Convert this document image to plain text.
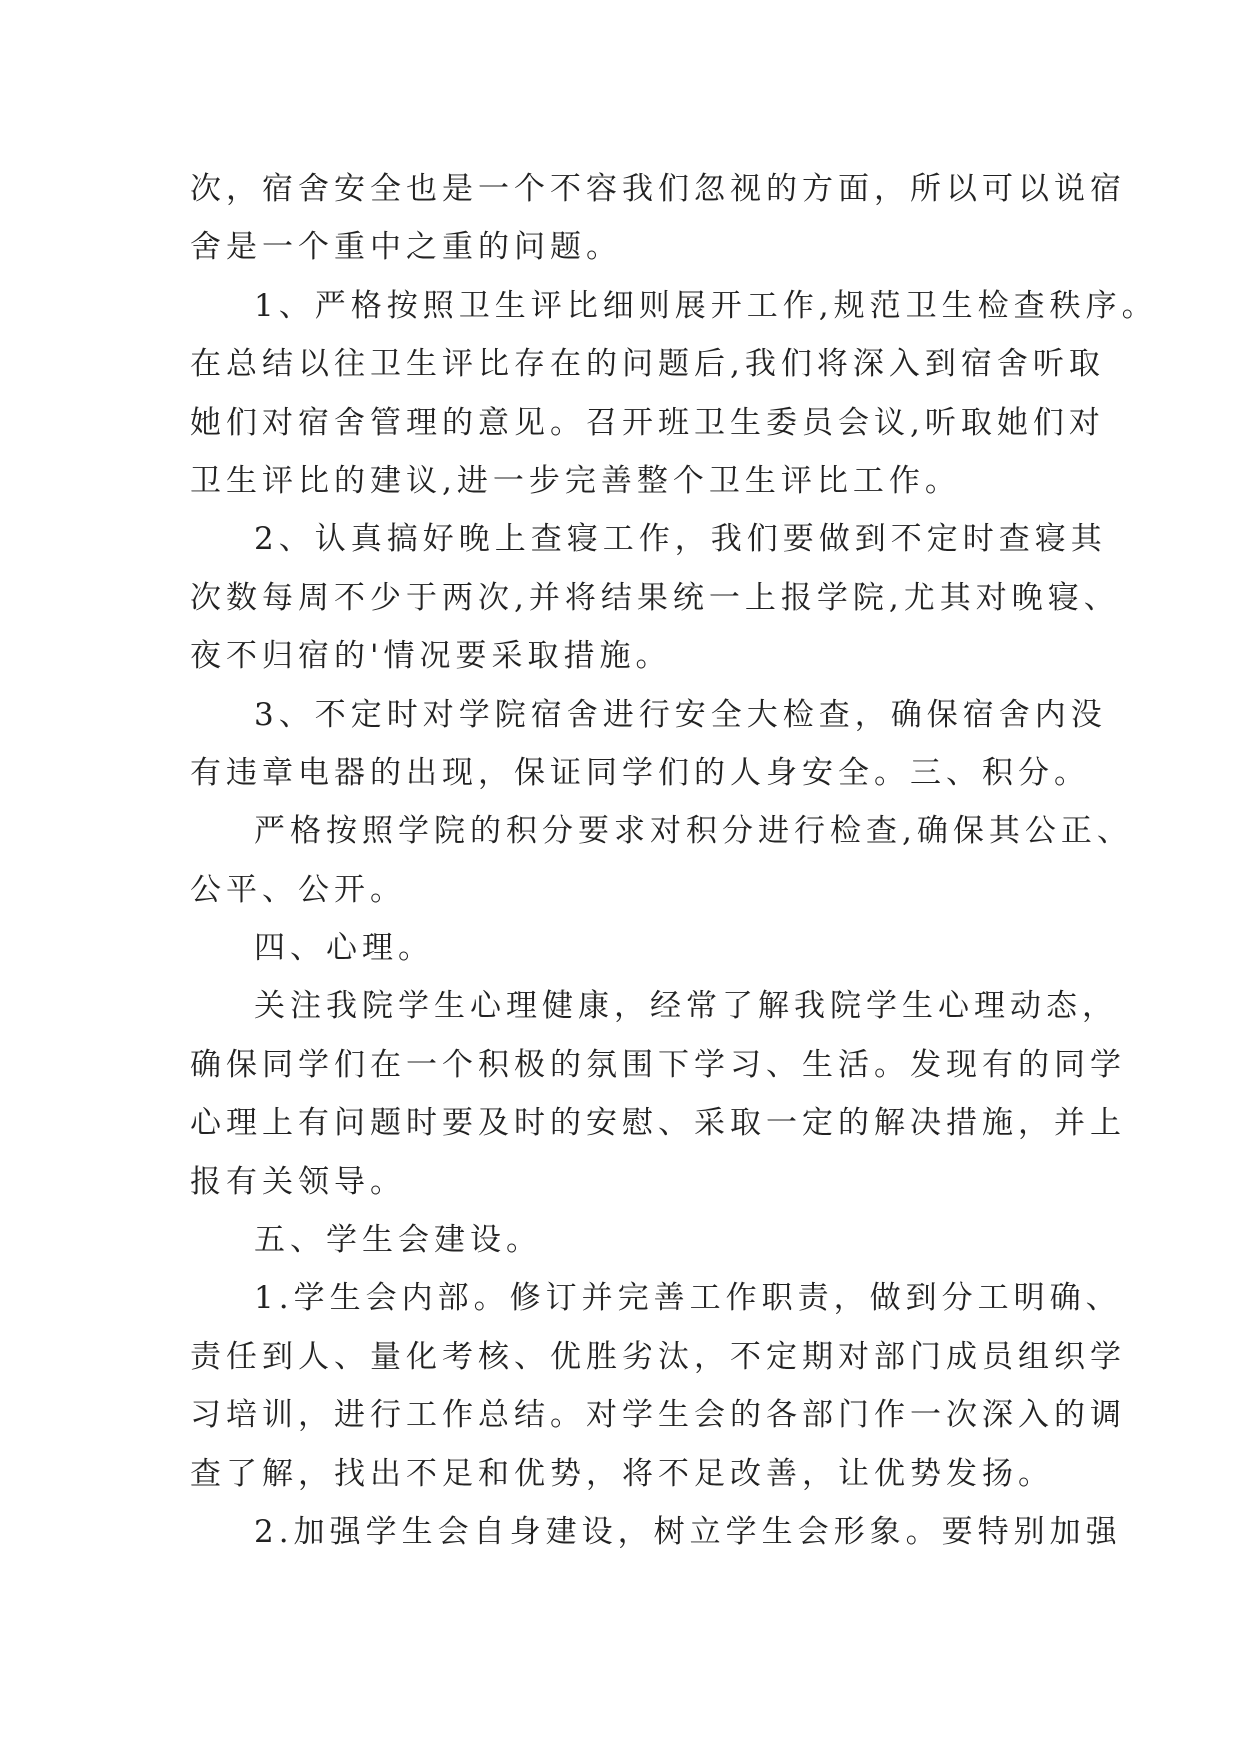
次，宿舍安全也是一个不容我们忽视的方面，所以可以说宿
舍是一个重中之重的问题。
1、严格按照卫生评比细则展开工作,规范卫生检查秩序。
在总结以往卫生评比存在的问题后,我们将深入到宿舍听取
她们对宿舍管理的意见。召开班卫生委员会议,听取她们对
卫生评比的建议,进一步完善整个卫生评比工作。
2、认真搞好晚上查寝工作，我们要做到不定时查寝其
次数每周不少于两次,并将结果统一上报学院,尤其对晚寝、
夜不归宿的'情况要采取措施。
3、不定时对学院宿舍进行安全大检查，确保宿舍内没
有违章电器的出现，保证同学们的人身安全。三、积分。
严格按照学院的积分要求对积分进行检查,确保其公正、
公平、公开。
四、心理。
关注我院学生心理健康，经常了解我院学生心理动态，
确保同学们在一个积极的氛围下学习、生活。发现有的同学
心理上有问题时要及时的安慰、采取一定的解决措施，并上
报有关领导。
五、学生会建设。
1.学生会内部。修订并完善工作职责，做到分工明确、
责任到人、量化考核、优胜劣汰，不定期对部门成员组织学
习培训，进行工作总结。对学生会的各部门作一次深入的调
查了解，找出不足和优势，将不足改善，让优势发扬。
2.加强学生会自身建设，树立学生会形象。要特别加强
